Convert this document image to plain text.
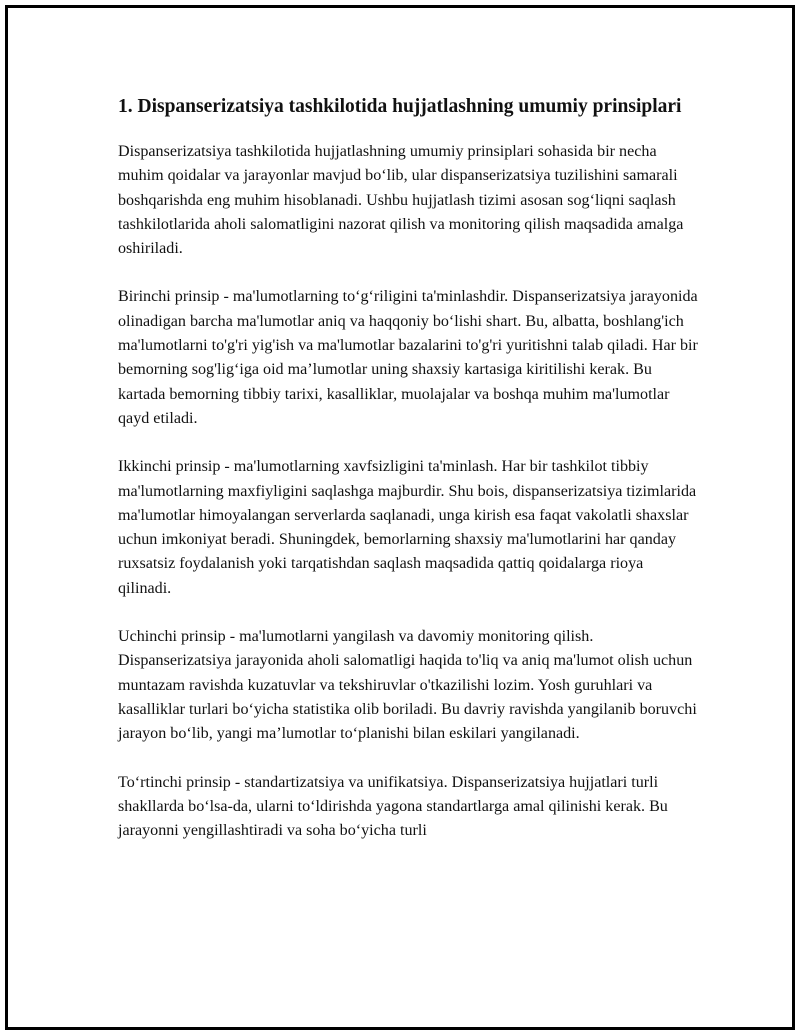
1. Dispanserizatsiya tashkilotida hujjatlashning umumiy prinsiplari

Dispanserizatsiya tashkilotida hujjatlashning umumiy prinsiplari sohasida bir necha muhim qoidalar va jarayonlar mavjud bo‘lib, ular dispanserizatsiya tuzilishini samarali boshqarishda eng muhim hisoblanadi. Ushbu hujjatlash tizimi asosan sog‘liqni saqlash tashkilotlarida aholi salomatligini nazorat qilish va monitoring qilish maqsadida amalga oshiriladi.

Birinchi prinsip - ma'lumotlarning to‘g‘riligini ta'minlashdir. Dispanserizatsiya jarayonida olinadigan barcha ma'lumotlar aniq va haqqoniy bo‘lishi shart. Bu, albatta, boshlang'ich ma'lumotlarni to'g'ri yig'ish va ma'lumotlar bazalarini to'g'ri yuritishni talab qiladi. Har bir bemorning sog'lig‘iga oid ma’lumotlar uning shaxsiy kartasiga kiritilishi kerak. Bu kartada bemorning tibbiy tarixi, kasalliklar, muolajalar va boshqa muhim ma'lumotlar qayd etiladi.

Ikkinchi prinsip - ma'lumotlarning xavfsizligini ta'minlash. Har bir tashkilot tibbiy ma'lumotlarning maxfiyligini saqlashga majburdir. Shu bois, dispanserizatsiya tizimlarida ma'lumotlar himoyalangan serverlarda saqlanadi, unga kirish esa faqat vakolatli shaxslar uchun imkoniyat beradi. Shuningdek, bemorlarning shaxsiy ma'lumotlarini har qanday ruxsatsiz foydalanish yoki tarqatishdan saqlash maqsadida qattiq qoidalarga rioya qilinadi.

Uchinchi prinsip - ma'lumotlarni yangilash va davomiy monitoring qilish. Dispanserizatsiya jarayonida aholi salomatligi haqida to'liq va aniq ma'lumot olish uchun muntazam ravishda kuzatuvlar va tekshiruvlar o'tkazilishi lozim. Yosh guruhlari va kasalliklar turlari bo‘yicha statistika olib boriladi. Bu davriy ravishda yangilanib boruvchi jarayon bo‘lib, yangi ma’lumotlar to‘planishi bilan eskilari yangilanadi.

To‘rtinchi prinsip - standartizatsiya va unifikatsiya. Dispanserizatsiya hujjatlari turli shakllarda bo‘lsa-da, ularni to‘ldirishda yagona standartlarga amal qilinishi kerak. Bu jarayonni yengillashtiradi va soha bo‘yicha turli
